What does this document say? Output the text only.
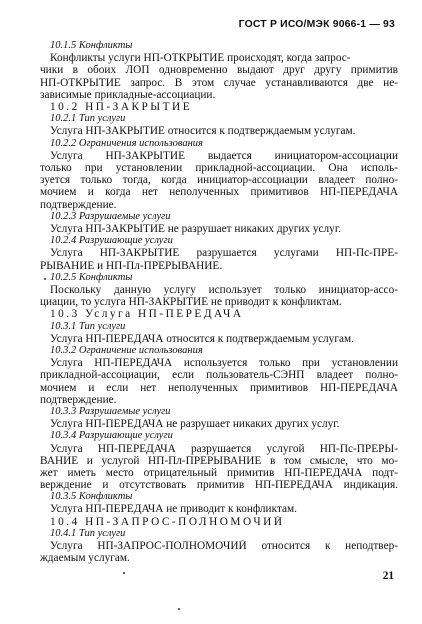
ГОСТ Р ИСО/МЭК 9066-1 — 93
10.1.5 Конфликты
Конфликты услуги НП-ОТКРЫТИЕ происходят, когда запрос-
чики в обоих ЛОП одновременно выдают друг другу примитив
НП-ОТКРЫТИЕ запрос. В этом случае устанавливаются две не-
зависимые прикладные-ассоциации.
10.2 НП-ЗАКРЫТИЕ
10.2.1 Тип услуги
Услуга НП-ЗАКРЫТИЕ относится к подтверждаемым услугам.
10.2.2 Ограничения использования
Услуга НП-ЗАКРЫТИЕ выдается инициатором-ассоциации
только при установлении прикладной-ассоциации. Она исполь-
зуется только тогда, когда инициатор-ассоциации владеет полно-
мочием и когда нет неполученных примитивов НП-ПЕРЕДАЧА
подтверждение.
10.2.3 Разрушаемые услуги
Услуга НП-ЗАКРЫТИЕ не разрушает никаких других услуг.
10.2.4 Разрушающие услуги
Услуга НП-ЗАКРЫТИЕ разрушается услугами НП-Пс-ПРЕ-
РЫВАНИЕ и НП-Пл-ПРЕРЫВАНИЕ.
10.2.5 Конфликты
Поскольку данную услугу использует только инициатор-ассо-
циации, то услуга НП-ЗАКРЫТИЕ не приводит к конфликтам.
10.3 Услуга НП-ПЕРЕДАЧА
10.3.1 Тип услуги
Услуга НП-ПЕРЕДАЧА относится к подтверждаемым услугам.
10.3.2 Ограничение использования
Услуга НП-ПЕРЕДАЧА используется только при установлении
прикладной-ассоциации, если пользователь-СЭНП владеет полно-
мочием и если нет неполученных примитивов НП-ПЕРЕДАЧА
подтверждение.
10.3.3 Разрушаемые услуги
Услуга НП-ПЕРЕДАЧА не разрушает никаких других услуг.
10.3.4 Разрушающие услуги
Услуга НП-ПЕРЕДАЧА разрушается услугой НП-Пс-ПРЕРЫ-
ВАНИЕ и услугой НП-Пл-ПРЕРЫВАНИЕ в том смысле, что мо-
жет иметь место отрицательный примитив НП-ПЕРЕДАЧА подт-
верждение и отсутствовать примитив НП-ПЕРЕДАЧА индикация.
10.3.5 Конфликты
Услуга НП-ПЕРЕДАЧА не приводит к конфликтам.
10.4 НП-ЗАПРОС-ПОЛНОМОЧИЙ
10.4.1 Тип услуги
Услуга НП-ЗАПРОС-ПОЛНОМОЧИЙ относится к неподтвер-
ждаемым услугам.
21
